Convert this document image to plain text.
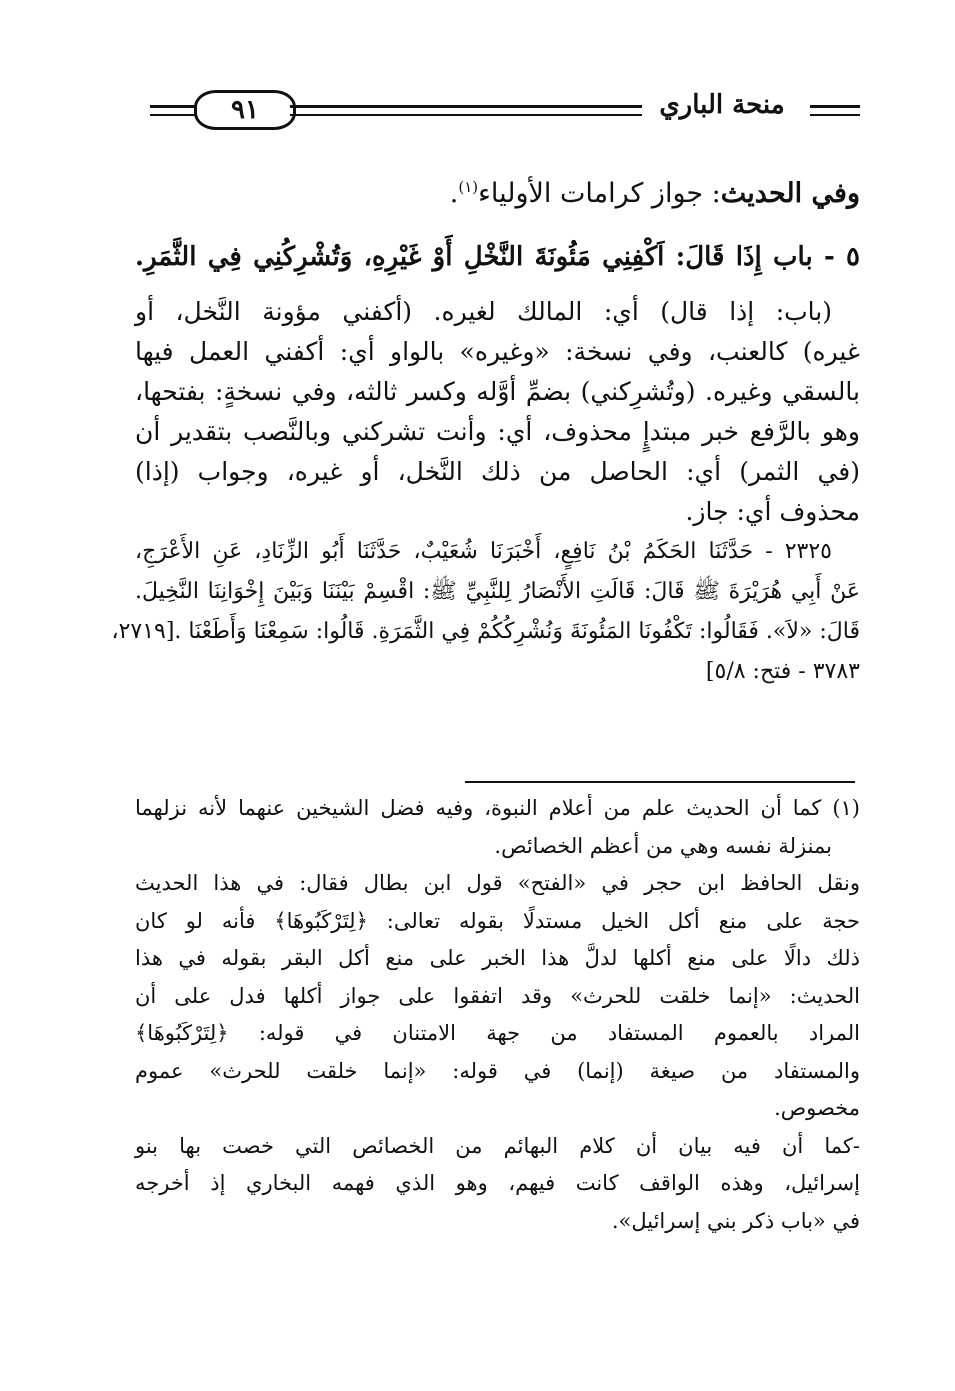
٩١	منحة الباري
وفي الحديث: جواز كرامات الأولياء$^{(١)}$.
٥ - باب إِذَا قَالَ: اَكْفِنِي مَئُونَةَ النَّخْلِ أَوْ غَيْرِهِ، وَتُشْرِكُنِي فِي الثَّمَرِ.
(باب: إذا قال) أي: المالك لغيره. (أكفني مؤونة النَّخل، أو
غيره) كالعنب، وفي نسخة: «وغيره» بالواو أي: أكفني العمل فيها
بالسقي وغيره. (وتُشرِكني) بضمِّ أوَّله وكسر ثالثه، وفي نسخةٍ: بفتحها،
وهو بالرَّفع خبر مبتدإٍ محذوف، أي: وأنت تشركني وبالنَّصب بتقدير أن
(في الثمر) أي: الحاصل من ذلك النَّخل، أو غيره، وجواب (إذا)
محذوف أي: جاز.
٢٣٢٥ - حَدَّثَنَا الحَكَمُ بْنُ نَافِعٍ، أَخْبَرَنَا شُعَيْبٌ، حَدَّثَنَا أَبُو الزِّنَادِ، عَنِ الأَعْرَجِ،
عَنْ أَبِي هُرَيْرَةَ ﷺ قَالَ: قَالَتِ الأَنْصَارُ لِلنَّبِيِّ ﷺ: اقْسِمْ بَيْنَنَا وَبَيْنَ إِخْوَانِنَا النَّخِيلَ.
قَالَ: «لاَ». فَقَالُوا: تَكْفُونَا المَئُونَةَ وَنُشْرِكُكُمْ فِي الثَّمَرَةِ. قَالُوا: سَمِعْنَا وَأَطَعْنَا .[٢٧١٩،
٣٧٨٣ - فتح: ٥/٨]
(١) كما أن الحديث علم من أعلام النبوة، وفيه فضل الشيخين عنهما لأنه نزلهما
بمنزلة نفسه وهي من أعظم الخصائص.
ونقل الحافظ ابن حجر في «الفتح» قول ابن بطال فقال: في هذا الحديث
حجة على منع أكل الخيل مستدلًا بقوله تعالى: ﴿لِتَرْكَبُوهَا﴾ فأنه لو كان
ذلك دالًا على منع أكلها لدلَّ هذا الخبر على منع أكل البقر بقوله في هذا
الحديث: «إنما خلقت للحرث» وقد اتفقوا على جواز أكلها فدل على أن
المراد بالعموم المستفاد من جهة الامتنان في قوله: ﴿لِتَرْكَبُوهَا﴾
والمستفاد من صيغة (إنما) في قوله: «إنما خلقت للحرث» عموم
مخصوص.
-كما أن فيه بيان أن كلام البهائم من الخصائص التي خصت بها بنو
إسرائيل، وهذه الواقف كانت فيهم، وهو الذي فهمه البخاري إذ أخرجه
في «باب ذكر بني إسرائيل».
